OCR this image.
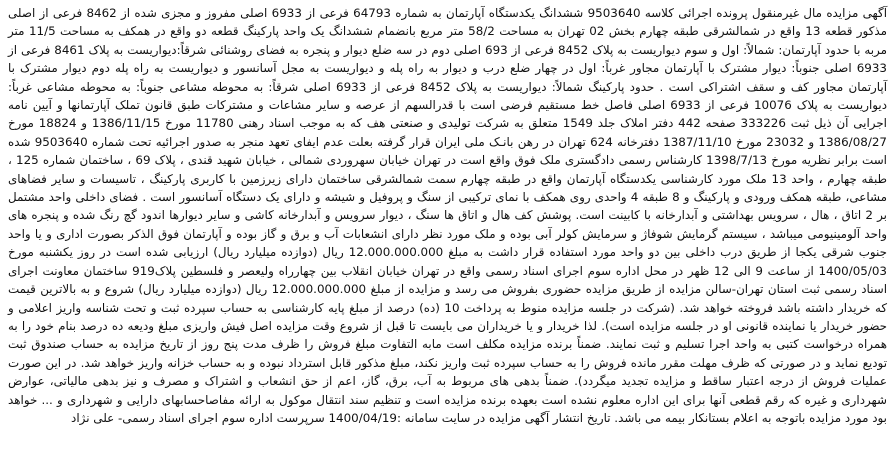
آگهی مزایده مال غیرمنقول پرونده اجرائی کلاسه 9503640 ششدانگ یکدستگاه آپارتمان به شماره 64793 فرعی از 6933 اصلی مفروز و مجزی شده از 8462 فرعی از اصلی مذکور قطعه 13 واقع در شمالشرقی طبقه چهارم بخش 02 تهران به مساحت 58/2 متر مربع بانضمام ششدانگ یک واحد پارکینگ قطعه دو واقع در همکف به مساحت 11/5 متر مربه با حدود آپارتمان: شمالاً: اول و سوم دیواریست به پلاک 8452 فرعی از 693 اصلی دوم در سه ضلع دیوار و پنجره به فضای روشنائی شرقاً:دیواریست به پلاک 8461 فرعی از 6933 اصلی جنوباً: دیوار مشترک با آپارتمان مجاور غرباً: اول در چهار ضلع درب و دیوار به راه پله و دیواریست به مجل آسانسور و دیواریست به راه پله دوم دیوار مشترک با آپارتمان مجاور کف و سقف اشتراکی است . حدود پارکینگ شمالاً: دیواریست به پلاک 8452 فرعی از 6933 اصلی شرقاً: به محوطه مشاعی جنوباً: به محوطه مشاعی غرباً: دیواریست به پلاک 10076 فرعی از 6933 اصلی فاصل خط مستقیم فرضی است با قدرالسهم از عرصه و سایر مشاعات و مشترکات طبق قانون تملک آپارتمانها و آیین نامه اجرایی آن ذیل ثبت 333226 صفحه 442 دفتر املاک جلد 1549 متعلق به شرکت تولیدی و صنعتی هف که به موجب اسناد رهنی 11780 مورخ 1386/11/15 و 18824 مورخ 1386/08/27 و 23032 مورخ 1387/11/10 دفترخانه 624 تهران در رهن بانـک ملی ایران قرار گرفته بعلت عدم ایفای تعهد منجر به صدور اجرائیه تحت شماره 9503640 شده است برابر نظریه مورخ 1398/7/13 کارشناس رسمی دادگستری ملک فوق واقع است در تهران خیابان سهروردی شمالی ، خیابان شهید قندی ، پلاک 69 ، ساختمان شماره 125 ، طبقه چهارم ، واحد 13 ملک مورد کارشناسی یکدستگاه آپارتمان واقع در طبقه چهارم سمت شمالشرقی ساختمان دارای زیرزمین با کاربری پارکینگ ، تاسیسات و سایر فضاهای مشاعی، طبقه همکف ورودی و پارکینگ و 8 طبقه 4 واحدی روی همکف با نمای ترکیبی از سنگ و پروفیل و شیشه و دارای یک دستگاه آسانسور است . فضای داخلی واحد مشتمل بر 2 اتاق ، هال ، سرویس بهداشتی و آبدارخانه با کابینت است. پوشش کف هال و اتاق ها سنگ ، دیوار سرویس و آبدارخانه کاشی و سایر دیوارها اندود گچ رنگ شده و پنجره های واحد آلومینیومی میباشد ، سیستم گرمایش شوفاژ و سرمایش کولر آبی بوده و ملک مورد نظر دارای انشعابات آب و برق و گاز بوده و آپارتمان فوق الذکر بصورت اداری و یا واحد جنوب شرقی یکجا از طریق درب داخلی بین دو واحد مورد استفاده قرار داشت به مبلغ 12.000.000.000 ریال (دوازده میلیارد ریال) ارزیابی شده است در روز یکشنبه مورخ 1400/05/03 از ساعت 9 الی 12 ظهر در محل اداره سوم اجرای اسناد رسمی واقع در تهران خیابان انقلاب بین چهارراه ولیعصر و فلسطین پلاک919 ساختمان معاونت اجرای اسناد رسمی ثبت استان تهران-سالن مزایده از طریق مزایده حضوری بفروش می رسد و مزایده از مبلغ 12.000.000.000 ریال (دوازده میلیارد ریال) شروع و به بالاترین قیمت که خریدار داشته باشد فروخته خواهد شد. (شرکت در جلسه مزایده منوط به پرداخت 10 (ده) درصد از مبلغ پایه کارشناسی به حساب سپرده ثبت و تحت شناسه واریز اعلامی و حضور خریدار یا نماینده قانونی او در جلسه مزایده است). لذا خریدار و یا خریداران می بایست تا قبل از شروع وقت مزایده اصل فیش واریزی مبلغ ودیعه ده درصد بنام خود را به همراه درخواست کتبی به واحد اجرا تسلیم و ثبت نمایند. ضمناً برنده مزایده مکلف است مابه التفاوت مبلغ فروش را ظرف مدت پنج روز از تاریخ مزایده به حساب صندوق ثبت تودیع نماید و در صورتی که ظرف مهلت مقرر مانده فروش را به حساب سپرده ثبت واریز نکند، مبلغ مذکور قابل استرداد نبوده و به حساب خزانه واریز خواهد شد. در این صورت عملیات فروش از درجه اعتبار ساقط و مزایده تجدید میگردد). ضمناً بدهی های مربوط به آب، برق، گاز، اعم از حق انشعاب و اشتراک و مصرف و نیز بدهی مالیاتی، عوارض شهرداری و غیره که رقم قطعی آنها برای این اداره معلوم نشده است بعهده برنده مزایده است و تنظیم سند انتقال موکول به ارائه مفاصاحسابهای دارایی و شهرداری و ... خواهد بود مورد مزایده باتوجه به اعلام بستانکار بیمه می باشد. تاریخ انتشار آگهی مزایده در سایت سامانه :1400/04/19 سرپرست اداره سوم اجرای اسناد رسمی- علی نژاد
